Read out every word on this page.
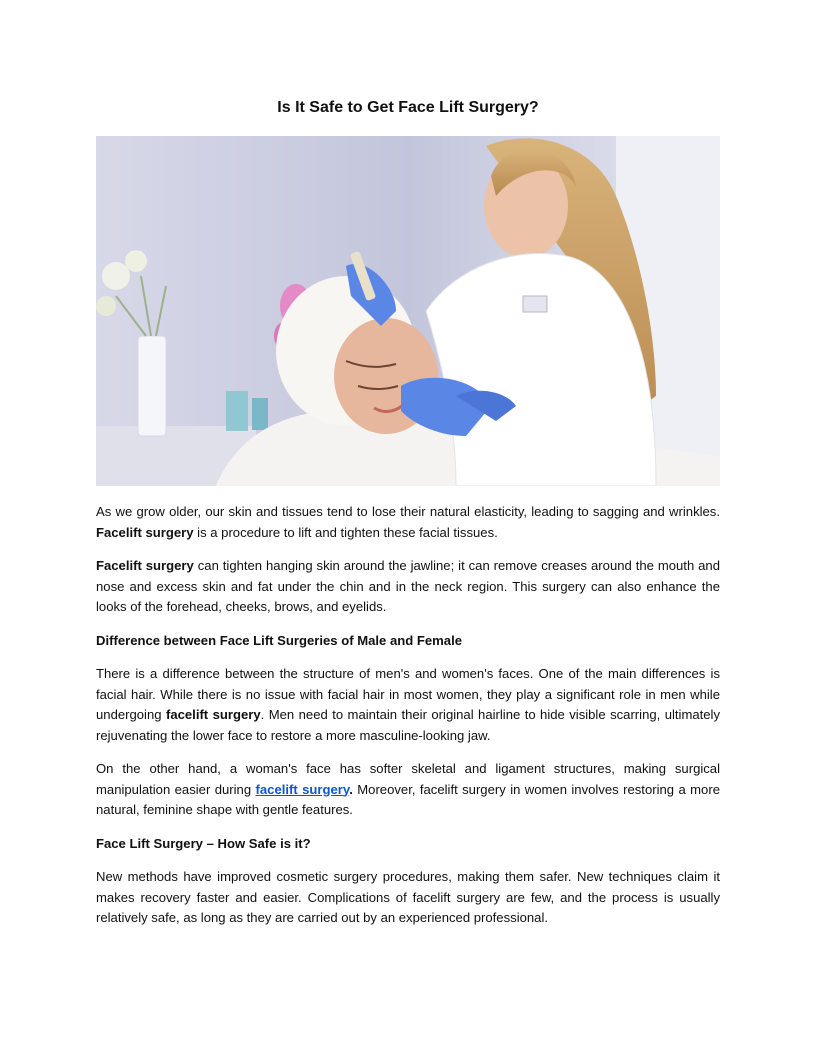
Is It Safe to Get Face Lift Surgery?

As we grow older, our skin and tissues tend to lose their natural elasticity, leading to sagging and wrinkles. Facelift surgery is a procedure to lift and tighten these facial tissues.

Facelift surgery can tighten hanging skin around the jawline; it can remove creases around the mouth and nose and excess skin and fat under the chin and in the neck region. This surgery can also enhance the looks of the forehead, cheeks, brows, and eyelids.

Difference between Face Lift Surgeries of Male and Female

There is a difference between the structure of men's and women's faces. One of the main differences is facial hair. While there is no issue with facial hair in most women, they play a significant role in men while undergoing facelift surgery. Men need to maintain their original hairline to hide visible scarring, ultimately rejuvenating the lower face to restore a more masculine-looking jaw.

On the other hand, a woman's face has softer skeletal and ligament structures, making surgical manipulation easier during facelift surgery. Moreover, facelift surgery in women involves restoring a more natural, feminine shape with gentle features.

Face Lift Surgery – How Safe is it?

New methods have improved cosmetic surgery procedures, making them safer. New techniques claim it makes recovery faster and easier. Complications of facelift surgery are few, and the process is usually relatively safe, as long as they are carried out by an experienced professional.
